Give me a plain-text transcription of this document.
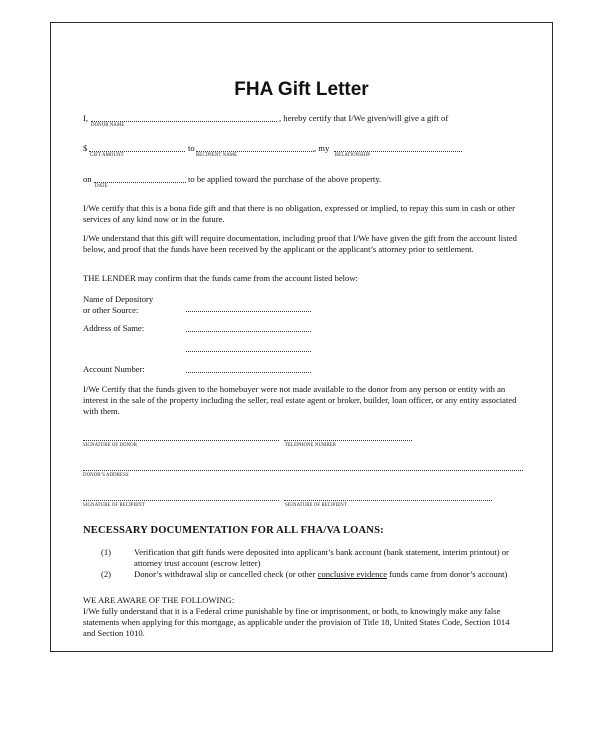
FHA Gift Letter
I,	, hereby certify that I/We given/will give a gift of
DONOR NAME
$	to	, my
GIFT AMOUNT	RECIPIENT NAME	RELATIONSHIP
on	to be applied toward the purchase of the above property.
DATE
I/We certify that this is a bona fide gift and that there is no obligation, expressed or implied, to repay this sum in cash or other services of any kind now or in the future.
I/We understand that this gift will require documentation, including proof that I/We have given the gift from the account listed below, and proof that the funds have been received by the applicant or the applicant’s attorney prior to settlement.
THE LENDER may confirm that the funds came from the account listed below:
Name of Depository
or other Source:
Address of Same:
Account Number:
I/We Certify that the funds given to the homebuyer were not made available to the donor from any person or entity with an interest in the sale of the property including the seller, real estate agent or broker, builder, loan officer, or any entity associated with them.
SIGNATURE OF DONOR	TELEPHONE NUMBER
DONOR’S ADDRESS
SIGNATURE OF RECIPIENT	SIGNATURE OF RECIPIENT
NECESSARY DOCUMENTATION FOR ALL FHA/VA LOANS:
(1)	Verification that gift funds were deposited into applicant’s bank account (bank statement, interim printout) or attorney trust account (escrow letter)
(2)	Donor’s withdrawal slip or cancelled check (or other conclusive evidence funds came from donor’s account)
WE ARE AWARE OF THE FOLLOWING:
I/We fully understand that it is a Federal crime punishable by fine or imprisonment, or both, to knowingly make any false statements when applying for this mortgage, as applicable under the provision of Title 18, United States Code, Section 1014 and Section 1010.
